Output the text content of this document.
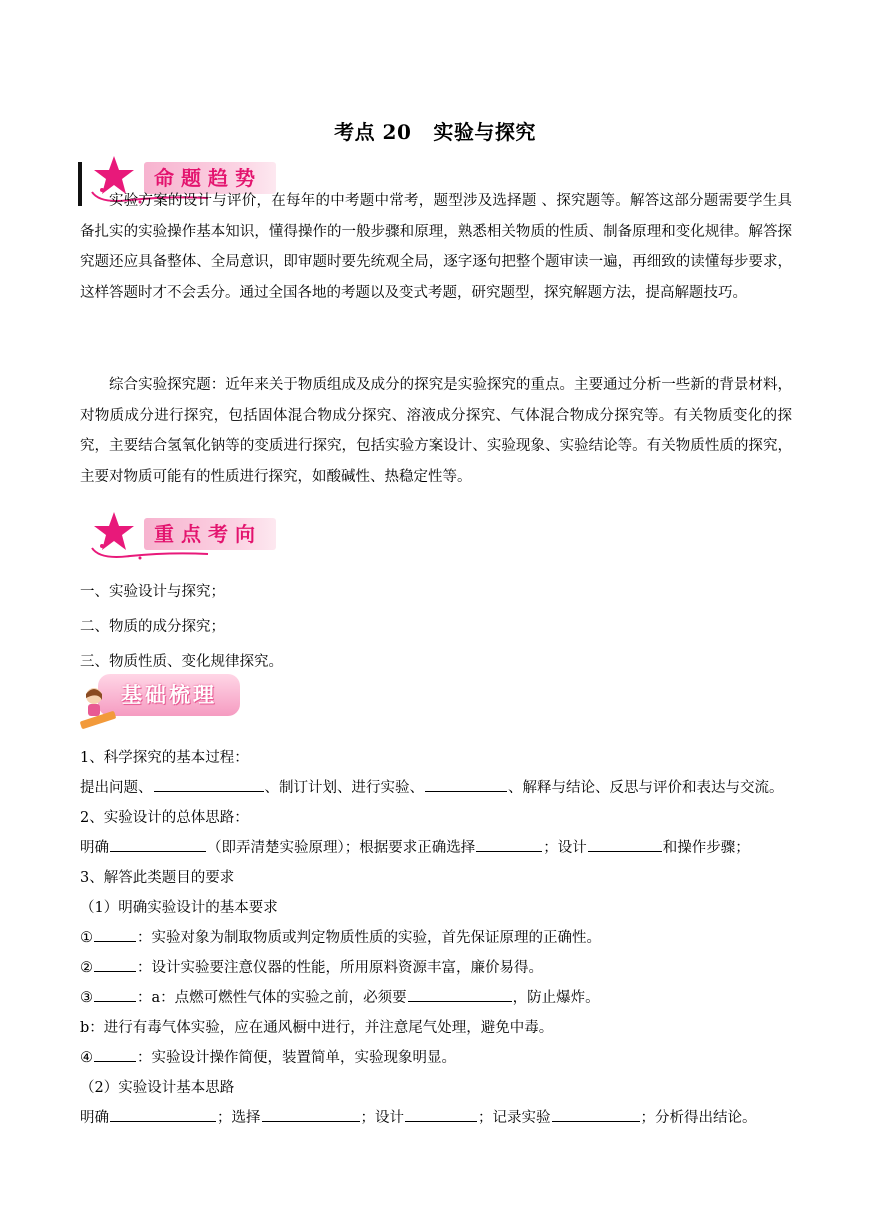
考点 20 实验与探究
命题趋势
实验方案的设计与评价，在每年的中考题中常考，题型涉及选择题 、探究题等。解答这部分题需要学生具备扎实的实验操作基本知识，懂得操作的一般步骤和原理，熟悉相关物质的性质、制备原理和变化规律。解答探究题还应具备整体、全局意识，即审题时要先统观全局，逐字逐句把整个题审读一遍，再细致的读懂每步要求，这样答题时才不会丢分。通过全国各地的考题以及变式考题，研究题型，探究解题方法，提高解题技巧。
综合实验探究题：近年来关于物质组成及成分的探究是实验探究的重点。主要通过分析一些新的背景材料，对物质成分进行探究，包括固体混合物成分探究、溶液成分探究、气体混合物成分探究等。有关物质变化的探究，主要结合氢氧化钠等的变质进行探究，包括实验方案设计、实验现象、实验结论等。有关物质性质的探究，主要对物质可能有的性质进行探究，如酸碱性、热稳定性等。
重点考向
一、实验设计与探究；
二、物质的成分探究；
三、物质性质、变化规律探究。
基础梳理
1、科学探究的基本过程：
提出问题、	、制订计划、进行实验、	、解释与结论、反思与评价和表达与交流。
2、实验设计的总体思路：
明确	（即弄清楚实验原理）；根据要求正确选择	；设计	和操作步骤；
3、解答此类题目的要求
（1）明确实验设计的基本要求
①	：实验对象为制取物质或判定物质性质的实验，首先保证原理的正确性。
②	：设计实验要注意仪器的性能，所用原料资源丰富，廉价易得。
③	：a：点燃可燃性气体的实验之前，必须要	，防止爆炸。
b：进行有毒气体实验，应在通风橱中进行，并注意尾气处理，避免中毒。
④	：实验设计操作简便，装置简单，实验现象明显。
（2）实验设计基本思路
明确	；选择	；设计	；记录实验	；分析得出结论。
